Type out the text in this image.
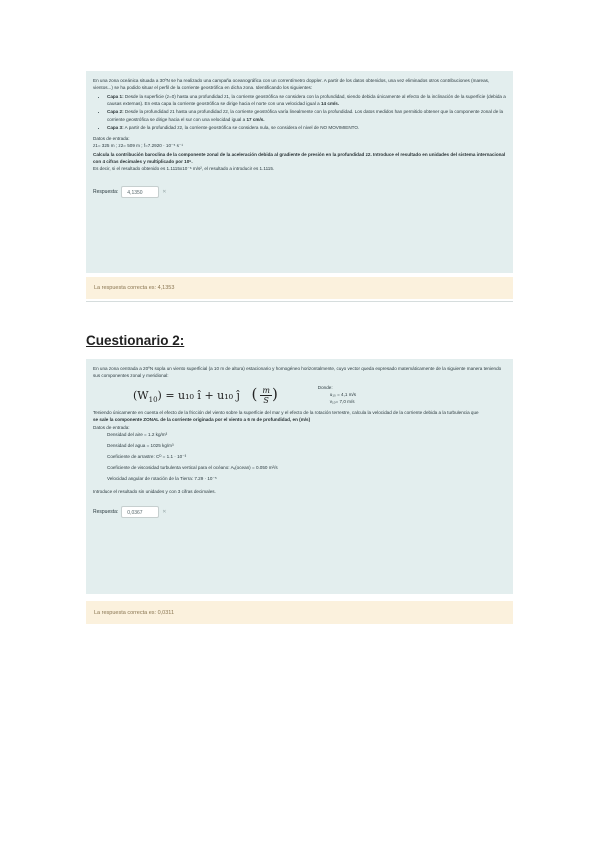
En una zona oceánica situada a 30ºN se ha realizado una campaña oceanográfica con un correntímetro doppler. A partir de los datos obtenidos, una vez eliminados otros contribuciones (mareas, vientos...) se ha podido situar el perfil de la corriente geostrófica en dicha zona. Identificando los siguientes:

• Capa 1: Desde la superficie (z=0) hasta una profundidad z1, la corriente geostrófica se considera con la profundidad, siendo debida únicamente al efecto de la inclinación de la superficie (debida a causas externas). En esta capa la corriente geostrófica se dirige hacia el norte con una velocidad igual a 14 cm/s.
• Capa 2: Desde la profundidad z1 hasta una profundidad z2, la corriente geostrófica varía linealmente con la profundidad. Los datos medidos han permitido obtener que la componente zonal de la corriente geostrófica se dirige hacia el sur con una velocidad igual a 17 cm/s.
• Capa 3: A partir de la profundidad z2, la corriente geostrófica se considera nula, se considera el nivel de NO MOVIMIENTO.

Datos de entrada:

z1= 325 m ; z2= 509 m ; f=7.2920 · 10⁻⁵ s⁻¹

Calcula la contribución baroclina de la componente zonal de la aceleración debida al gradiente de presión en la profundidad z2. Introduce el resultado en unidades del sistema internacional con 4 cifras decimales y multiplicado por 10⁶.

Es decir, si el resultado obtenido es 1.1115x10⁻⁶ m/s², el resultado a introducir es 1.1115.

Respuesta:	4,1350	✕
La respuesta correcta es: 4,1353
Cuestionario 2:

En una zona centrada a 20ºN sopla un viento superficial (a 10 m de altura) estacionario y homogéneo horizontalmente, cuyo vector queda expresado matemáticamente de la siguiente manera teniendo sus componentes zonal y meridional:

$(W_{10}) = u_{10}$ î + u₁₀ ĵ ( $\frac{m}{S}$ )	Donde:

u₁₀ = 4,1 m/s

v₁₀= 7,0 m/s

Teniendo únicamente en cuenta el efecto de la fricción del viento sobre la superficie del mar y el efecto de la rotación terrestre, calcula la velocidad de la corriente debida a la turbulencia que

se sale la componente ZONAL de la corriente originada por el viento a 6 m de profundidad, en (m/s)

Datos de entrada:

Densidad del aire = 1.2 kg/m³

Densidad del agua = 1025 kg/m³

Coeficiente de arrastre: Cᴰ = 1.1 · 10⁻³

Coeficiente de viscosidad turbulenta vertical para el océano: Aᵥ(ocean) = 0.050 m²/s

Velocidad angular de rotación de la Tierra: 7.29 · 10⁻⁵

Introduce el resultado sin unidades y con 3 cifras decimales.

Respuesta:	0,0367	✕
La respuesta correcta es: 0,0311
